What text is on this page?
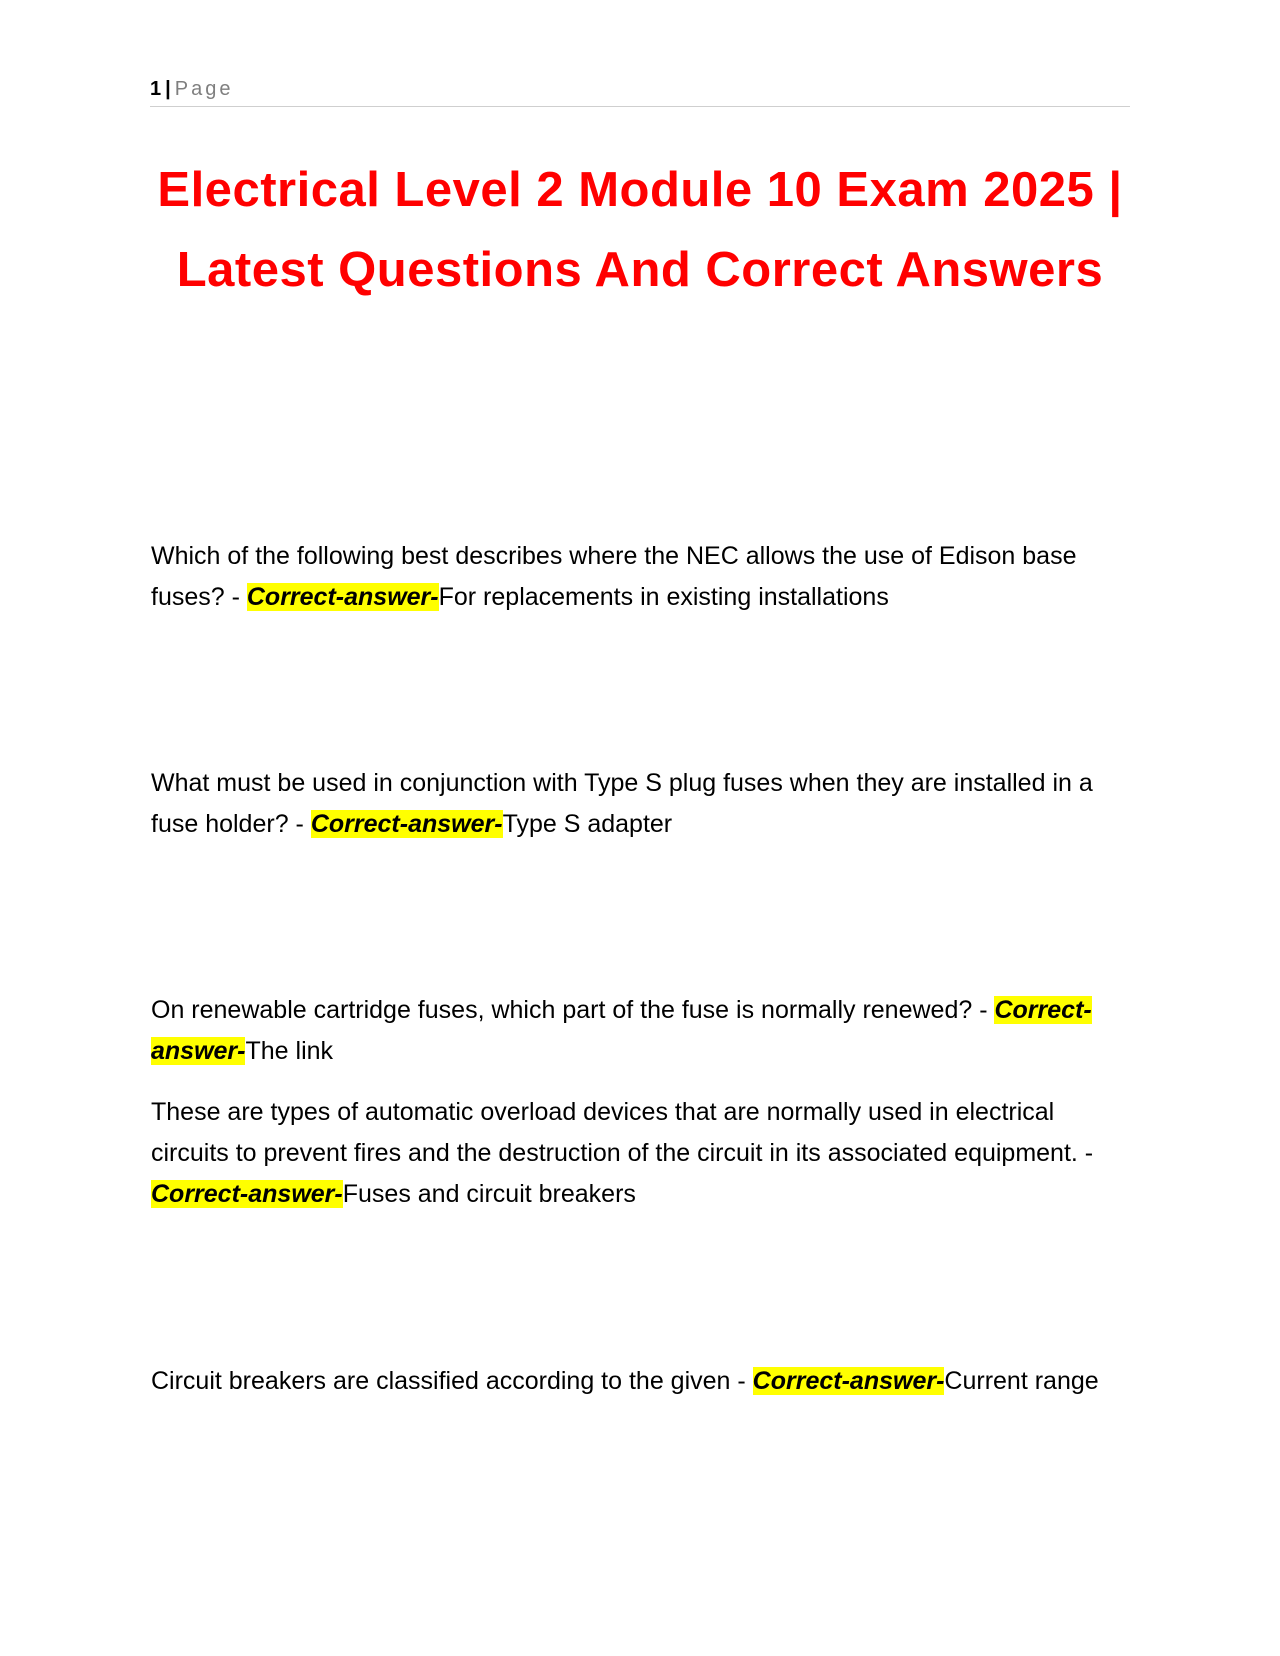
1 | Page
Electrical Level 2 Module 10 Exam 2025 | Latest Questions And Correct Answers
Which of the following best describes where the NEC allows the use of Edison base fuses? - Correct-answer-For replacements in existing installations
What must be used in conjunction with Type S plug fuses when they are installed in a fuse holder? - Correct-answer-Type S adapter
On renewable cartridge fuses, which part of the fuse is normally renewed? - Correct-answer-The link
These are types of automatic overload devices that are normally used in electrical circuits to prevent fires and the destruction of the circuit in its associated equipment. - Correct-answer-Fuses and circuit breakers
Circuit breakers are classified according to the given - Correct-answer-Current range
